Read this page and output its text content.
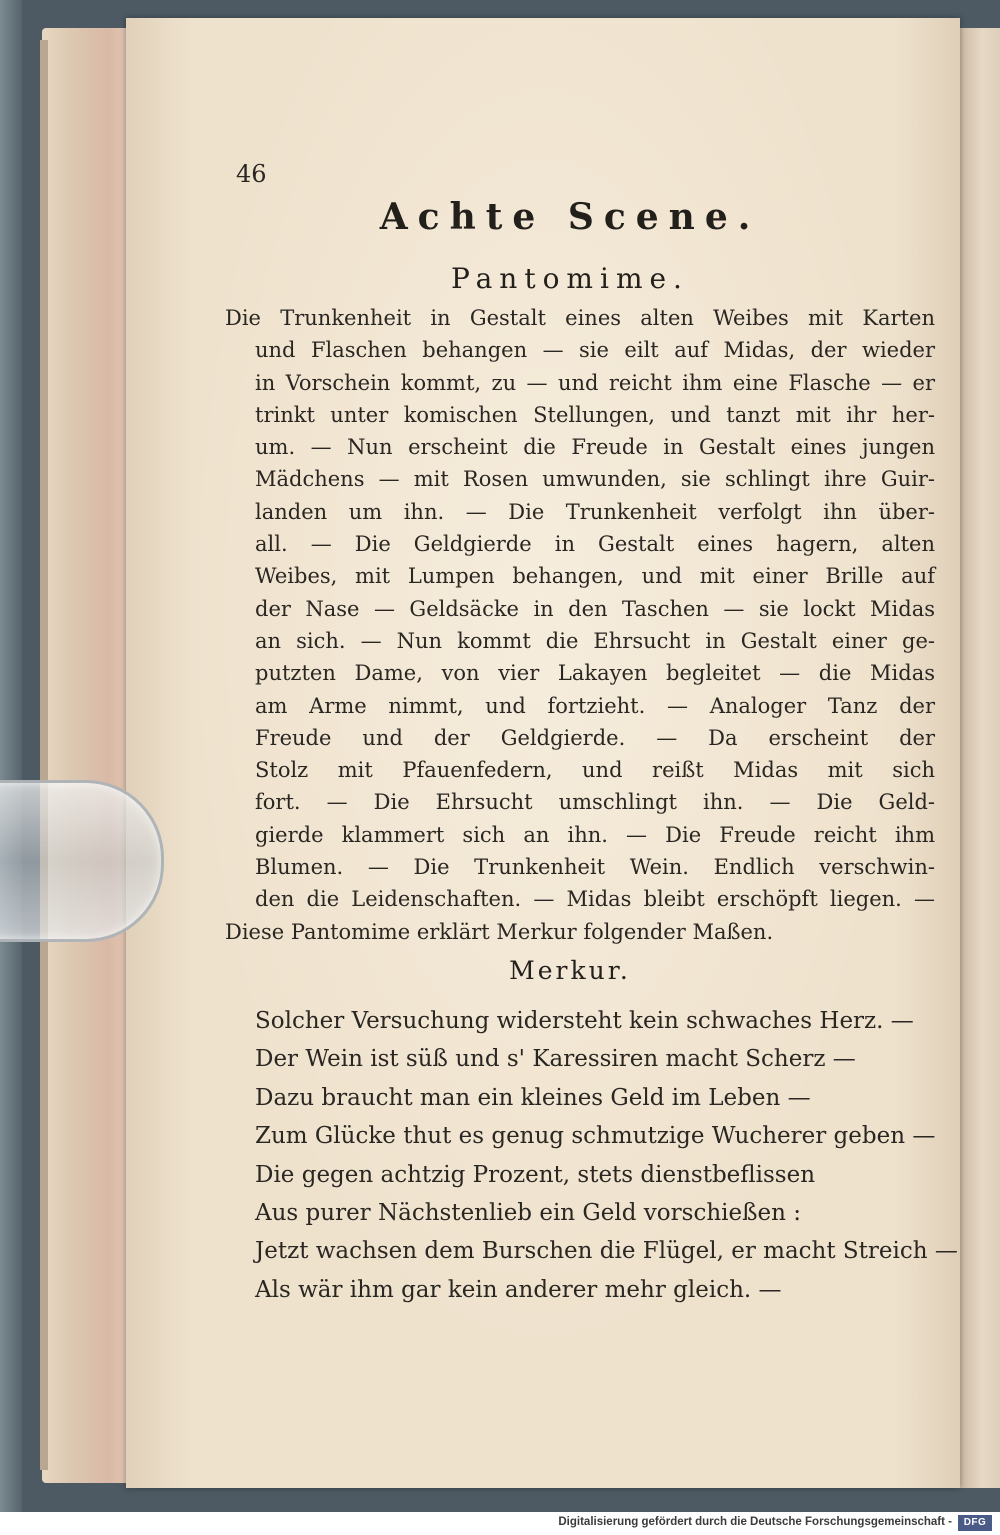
46
Achte Scene.
Pantomime.
Die Trunkenheit in Gestalt eines alten Weibes mit Karten
und Flaschen behangen — sie eilt auf Midas, der wieder
in Vorschein kommt, zu — und reicht ihm eine Flasche — er
trinkt unter komischen Stellungen, und tanzt mit ihr her-
um. — Nun erscheint die Freude in Gestalt eines jungen
Mädchens — mit Rosen umwunden, sie schlingt ihre Guir-
landen um ihn. — Die Trunkenheit verfolgt ihn über-
all. — Die Geldgierde in Gestalt eines hagern, alten
Weibes, mit Lumpen behangen, und mit einer Brille auf
der Nase — Geldsäcke in den Taschen — sie lockt Midas
an sich. — Nun kommt die Ehrsucht in Gestalt einer ge-
putzten Dame, von vier Lakayen begleitet — die Midas
am Arme nimmt, und fortzieht. — Analoger Tanz der
Freude und der Geldgierde. — Da erscheint der
Stolz mit Pfauenfedern, und reißt Midas mit sich
fort. — Die Ehrsucht umschlingt ihn. — Die Geld-
gierde klammert sich an ihn. — Die Freude reicht ihm
Blumen. — Die Trunkenheit Wein. Endlich verschwin-
den die Leidenschaften. — Midas bleibt erschöpft liegen. —
Diese Pantomime erklärt Merkur folgender Maßen.
Merkur.
Solcher Versuchung widersteht kein schwaches Herz. —
Der Wein ist süß und s' Karessiren macht Scherz —
Dazu braucht man ein kleines Geld im Leben —
Zum Glücke thut es genug schmutzige Wucherer geben —
Die gegen achtzig Prozent, stets dienstbeflissen
Aus purer Nächstenlieb ein Geld vorschießen :
Jetzt wachsen dem Burschen die Flügel, er macht Streich —
Als wär ihm gar kein anderer mehr gleich. —
Digitalisierung gefördert durch die Deutsche Forschungsgemeinschaft -	DFG
